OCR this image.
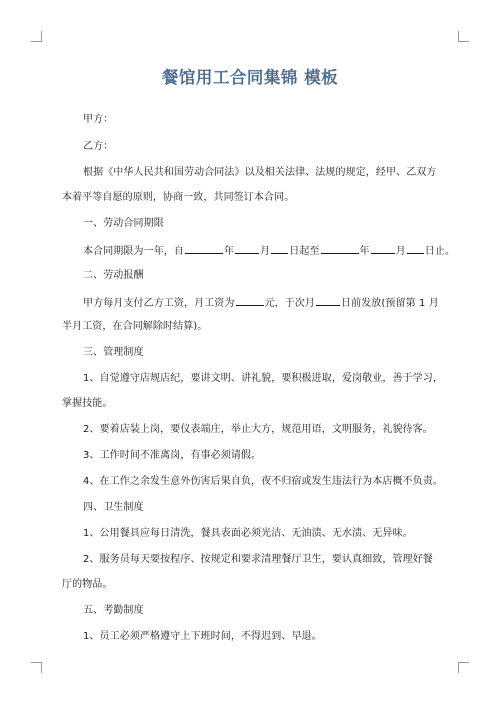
餐馆用工合同集锦 模板
甲方：
乙方：
根据《中华人民共和国劳动合同法》以及相关法律、法规的规定，经甲、乙双方
本着平等自愿的原则，协商一致，共同签订本合同。
一、劳动合同期限
本合同期限为一年，自	年	月 日起至	年	月 日止。
二、劳动报酬
甲方每月支付乙方工资，月工资为	元，于次月	日前发放(预留第 1 月
半月工资，在合同解除时结算)。
三、管理制度
1、自觉遵守店规店纪，要讲文明、讲礼貌，要积极进取，爱岗敬业，善于学习，
掌握技能。
2、要着店装上岗，要仪表端庄，举止大方，规范用语，文明服务，礼貌待客。
3、工作时间不准离岗，有事必须请假。
4、在工作之余发生意外伤害后果自负，夜不归宿或发生违法行为本店概不负责。
四、卫生制度
1、公用餐具应每日清洗，餐具表面必须光洁、无油渍、无水渍、无异味。
2、服务员每天要按程序、按规定和要求清理餐厅卫生，要认真细致，管理好餐
厅的物品。
五、考勤制度
1、员工必须严格遵守上下班时间，不得迟到、早退。
